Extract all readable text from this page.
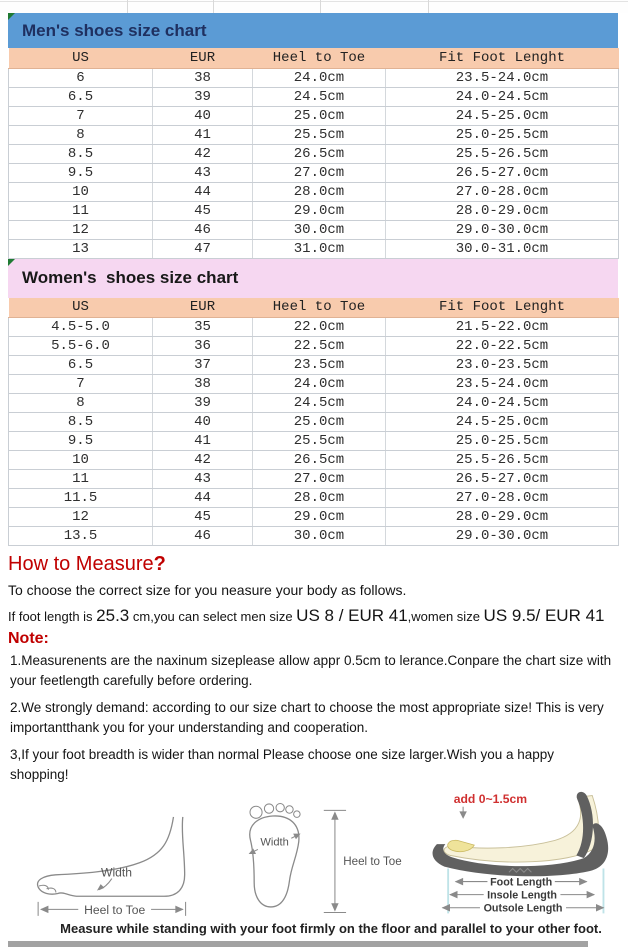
Men's shoes size chart
US	EUR	Heel to Toe	Fit Foot Lenght
6	38	24.0cm	23.5-24.0cm
6.5	39	24.5cm	24.0-24.5cm
7	40	25.0cm	24.5-25.0cm
8	41	25.5cm	25.0-25.5cm
8.5	42	26.5cm	25.5-26.5cm
9.5	43	27.0cm	26.5-27.0cm
10	44	28.0cm	27.0-28.0cm
11	45	29.0cm	28.0-29.0cm
12	46	30.0cm	29.0-30.0cm
13	47	31.0cm	30.0-31.0cm
Women's  shoes size chart
US	EUR	Heel to Toe	Fit Foot Lenght
4.5-5.0	35	22.0cm	21.5-22.0cm
5.5-6.0	36	22.5cm	22.0-22.5cm
6.5	37	23.5cm	23.0-23.5cm
7	38	24.0cm	23.5-24.0cm
8	39	24.5cm	24.0-24.5cm
8.5	40	25.0cm	24.5-25.0cm
9.5	41	25.5cm	25.0-25.5cm
10	42	26.5cm	25.5-26.5cm
11	43	27.0cm	26.5-27.0cm
11.5	44	28.0cm	27.0-28.0cm
12	45	29.0cm	28.0-29.0cm
13.5	46	30.0cm	29.0-30.0cm
How to Measure?

To choose the correct size for you neasure your body as follows.

If foot length is 25.3 cm,you can select men size US 8 / EUR 41,women size US 9.5/ EUR 41

Note:

1.Measurenents are the naxinum sizeplease allow appr 0.5cm to lerance.Conpare the chart size with your feetlength carefully before ordering.

2.We strongly demand: according to our size chart to choose the most appropriate size! This is very importantthank you for your understanding and cooperation.

3,If your foot breadth is wider than normal Please choose one size larger.Wish you a happy shopping!

Width
Heel to Toe
Width
Heel to Toe
add 0~1.5cm
Foot Length
Insole Length
Outsole Length
Measure while standing with your foot firmly on the floor and parallel to your other foot.
